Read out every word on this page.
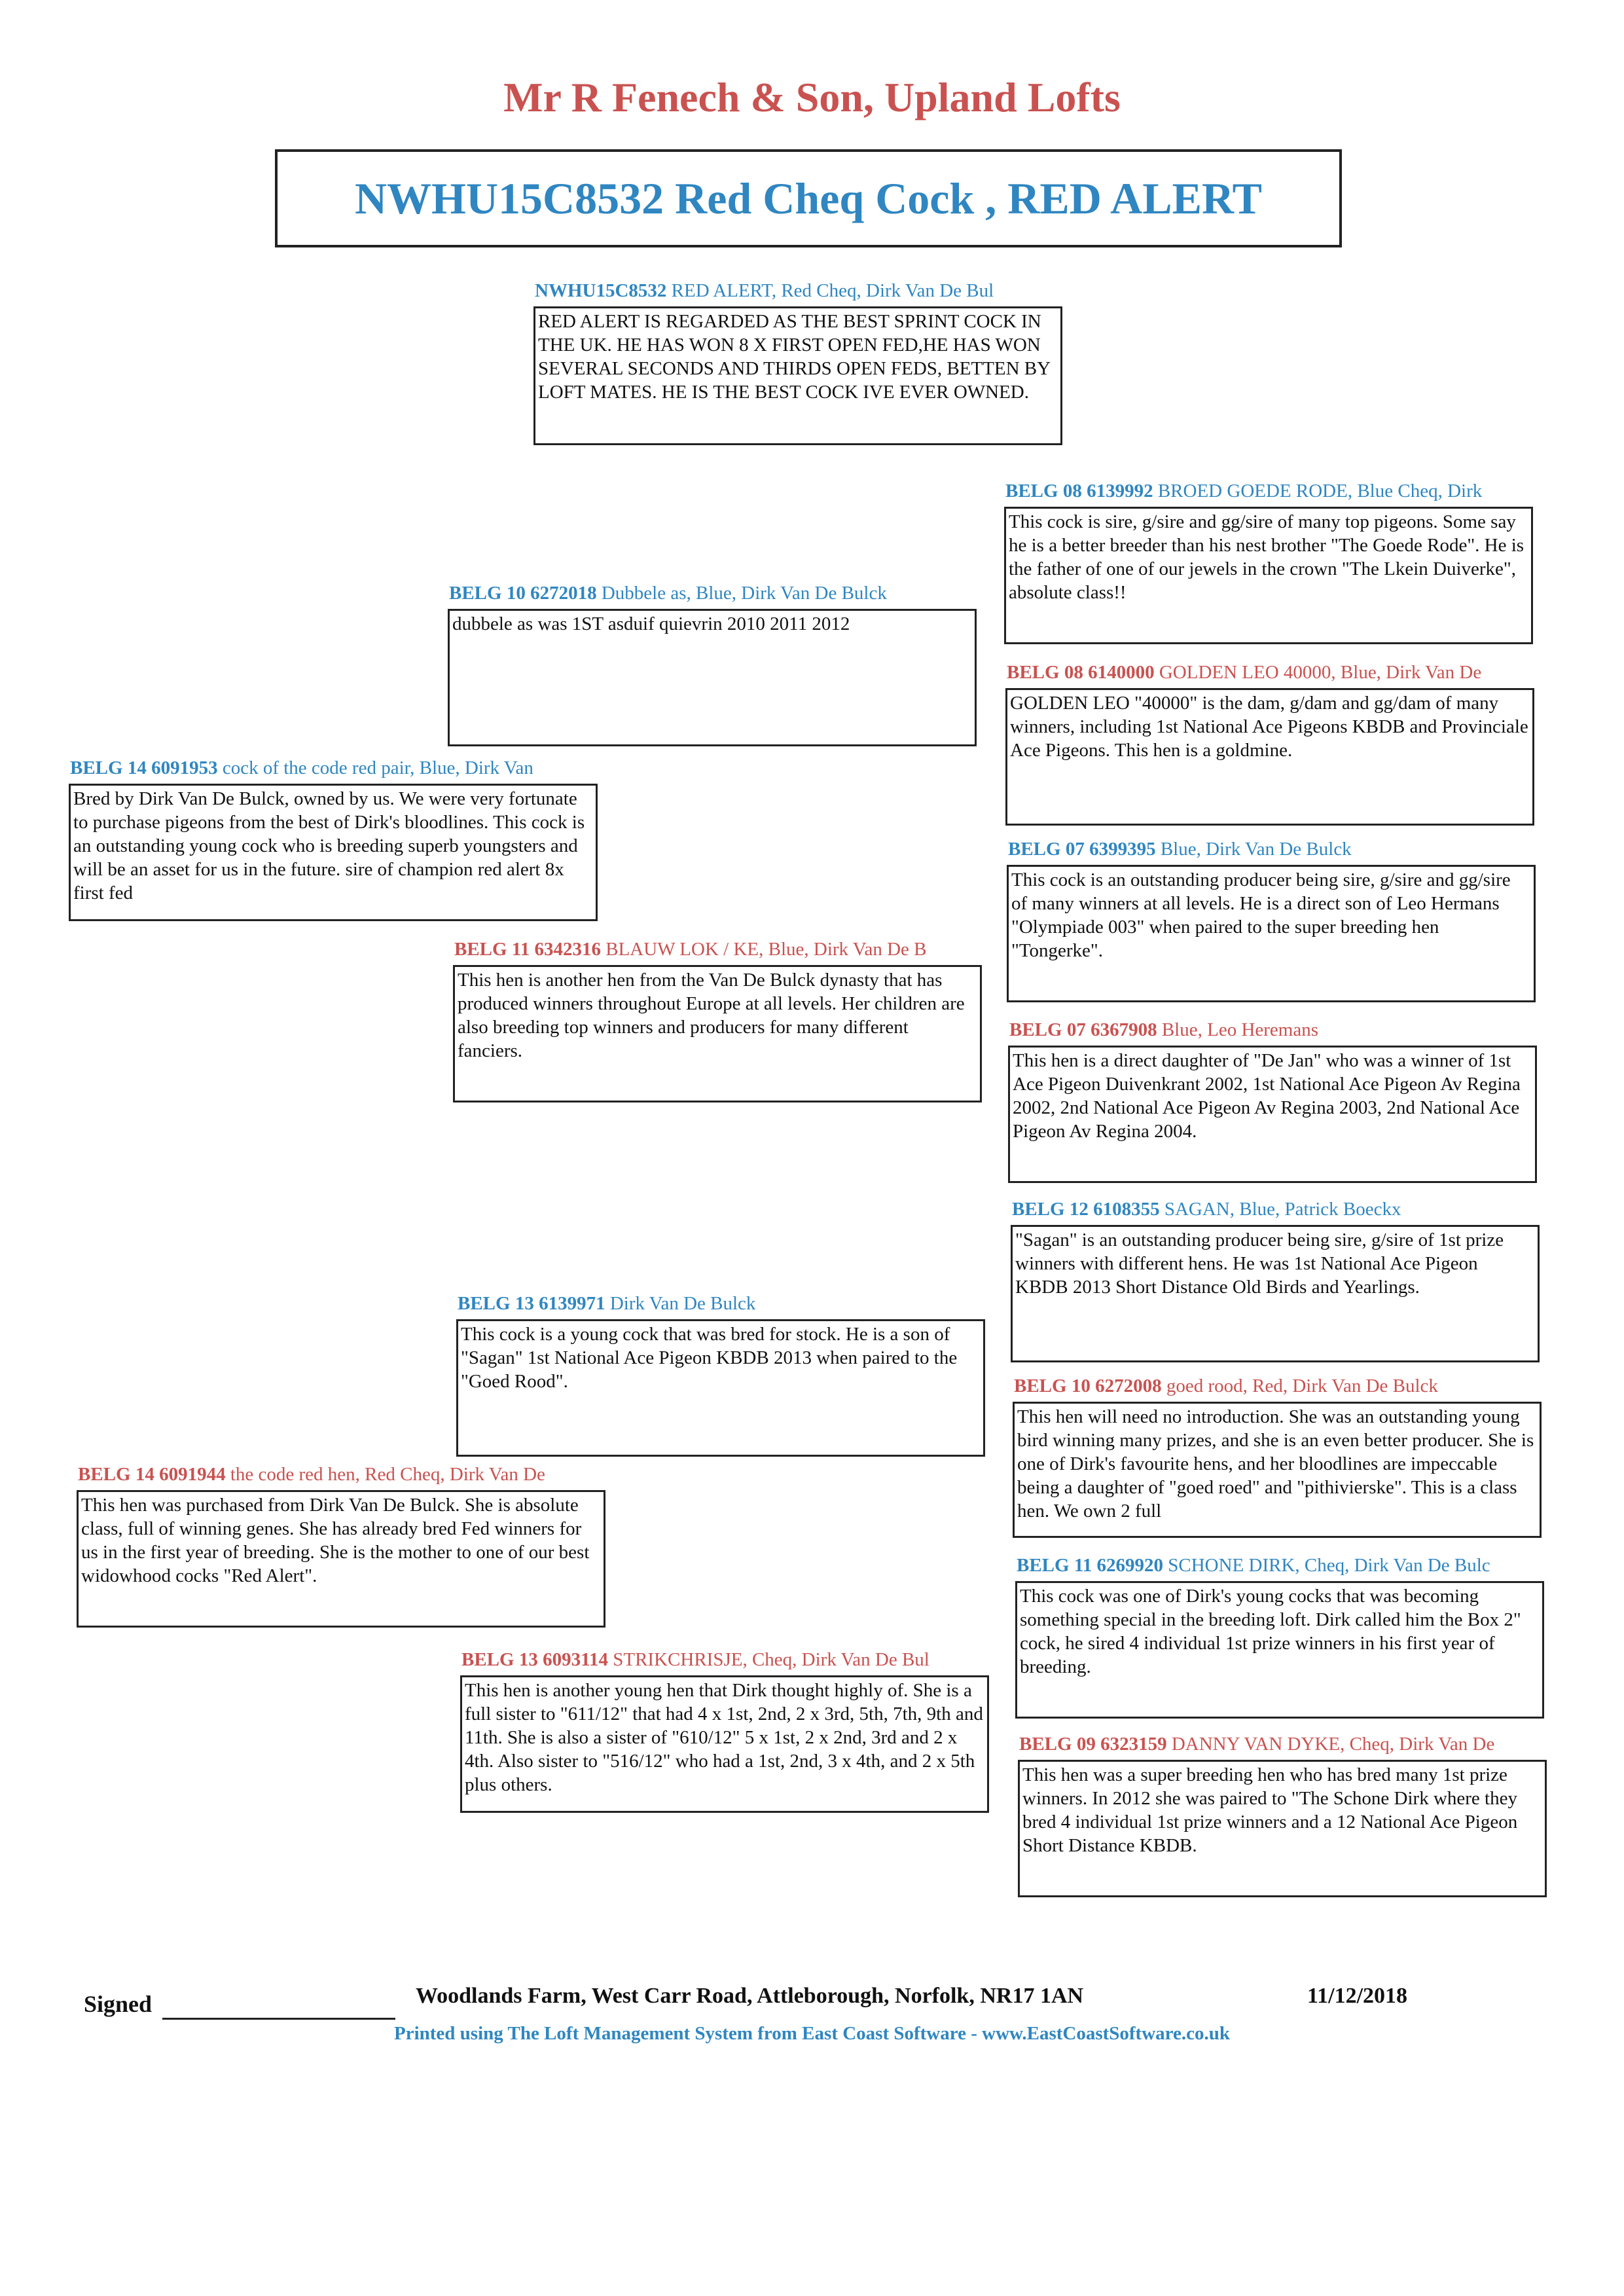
Mr R Fenech & Son, Upland Lofts
NWHU15C8532 Red Cheq Cock , RED ALERT
NWHU15C8532 RED ALERT, Red Cheq, Dirk Van De Bul
RED ALERT IS REGARDED AS THE BEST SPRINT COCK IN THE UK. HE HAS WON 8 X FIRST OPEN FED,HE HAS WON SEVERAL SECONDS AND THIRDS OPEN FEDS, BETTEN BY LOFT MATES. HE IS THE BEST COCK IVE EVER OWNED.
BELG 14 6091953 cock of the code red pair, Blue, Dirk Van
Bred by Dirk Van De Bulck, owned by us. We were very fortunate to purchase pigeons from the best of Dirk's bloodlines. This cock is an outstanding young cock who is breeding superb youngsters and will be an asset for us in the future. sire of champion red alert 8x first fed
BELG 14 6091944 the code red hen, Red Cheq, Dirk Van De
This hen was purchased from Dirk Van De Bulck. She is absolute class, full of winning genes. She has already bred Fed winners for us in the first year of breeding. She is the mother to one of our best widowhood cocks "Red Alert".
BELG 10 6272018 Dubbele as, Blue, Dirk Van De Bulck
dubbele as was 1ST asduif quievrin 2010 2011 2012
BELG 11 6342316 BLAUW LOK / KE, Blue, Dirk Van De B
This hen is another hen from the Van De Bulck dynasty that has produced winners throughout Europe at all levels. Her children are also breeding top winners and producers for many different fanciers.
BELG 13 6139971 Dirk Van De Bulck
This cock is a young cock that was bred for stock. He is a son of "Sagan" 1st National Ace Pigeon KBDB 2013 when paired to the "Goed Rood".
BELG 13 6093114 STRIKCHRISJE, Cheq, Dirk Van De Bul
This hen is another young hen that Dirk thought highly of. She is a full sister to "611/12" that had 4 x 1st, 2nd, 2 x 3rd, 5th, 7th, 9th and 11th. She is also a sister of "610/12" 5 x 1st, 2 x 2nd, 3rd and 2 x 4th. Also sister to "516/12" who had a 1st, 2nd, 3 x 4th, and 2 x 5th plus others.
BELG 08 6139992 BROED GOEDE RODE, Blue Cheq, Dirk
This cock is sire, g/sire and gg/sire of many top pigeons. Some say he is a better breeder than his nest brother "The Goede Rode". He is the father of one of our jewels in the crown "The Lkein Duiverke", absolute class!!
BELG 08 6140000 GOLDEN LEO 40000, Blue, Dirk Van De
GOLDEN LEO "40000" is the dam, g/dam and gg/dam of many winners, including 1st National Ace Pigeons KBDB and Provinciale Ace Pigeons. This hen is a goldmine.
BELG 07 6399395 Blue, Dirk Van De Bulck
This cock is an outstanding producer being sire, g/sire and gg/sire of many winners at all levels. He is a direct son of Leo Hermans "Olympiade 003" when paired to the super breeding hen "Tongerke".
BELG 07 6367908 Blue, Leo Heremans
This hen is a direct daughter of "De Jan" who was a winner of 1st Ace Pigeon Duivenkrant 2002, 1st National Ace Pigeon Av Regina 2002, 2nd National Ace Pigeon Av Regina 2003, 2nd National Ace Pigeon Av Regina 2004.
BELG 12 6108355 SAGAN, Blue, Patrick Boeckx
"Sagan" is an outstanding producer being sire, g/sire of 1st prize winners with different hens. He was 1st National Ace Pigeon KBDB 2013 Short Distance Old Birds and Yearlings.
BELG 10 6272008 goed rood, Red, Dirk Van De Bulck
This hen will need no introduction. She was an outstanding young bird winning many prizes, and she is an even better producer. She is one of Dirk's favourite hens, and her bloodlines are impeccable being a daughter of "goed roed" and "pithivierske". This is a class hen. We own 2 full
BELG 11 6269920 SCHONE DIRK, Cheq, Dirk Van De Bulc
This cock was one of Dirk's young cocks that was becoming something special in the breeding loft. Dirk called him the Box 2" cock, he sired 4 individual 1st prize winners in his first year of breeding.
BELG 09 6323159 DANNY VAN DYKE, Cheq, Dirk Van De
This hen was a super breeding hen who has bred many 1st prize winners. In 2012 she was paired to "The Schone Dirk where they bred 4 individual 1st prize winners and a 12 National Ace Pigeon Short Distance KBDB.
Signed	Woodlands Farm, West Carr Road, Attleborough, Norfolk, NR17 1AN	11/12/2018
Printed using The Loft Management System from East Coast Software - www.EastCoastSoftware.co.uk
